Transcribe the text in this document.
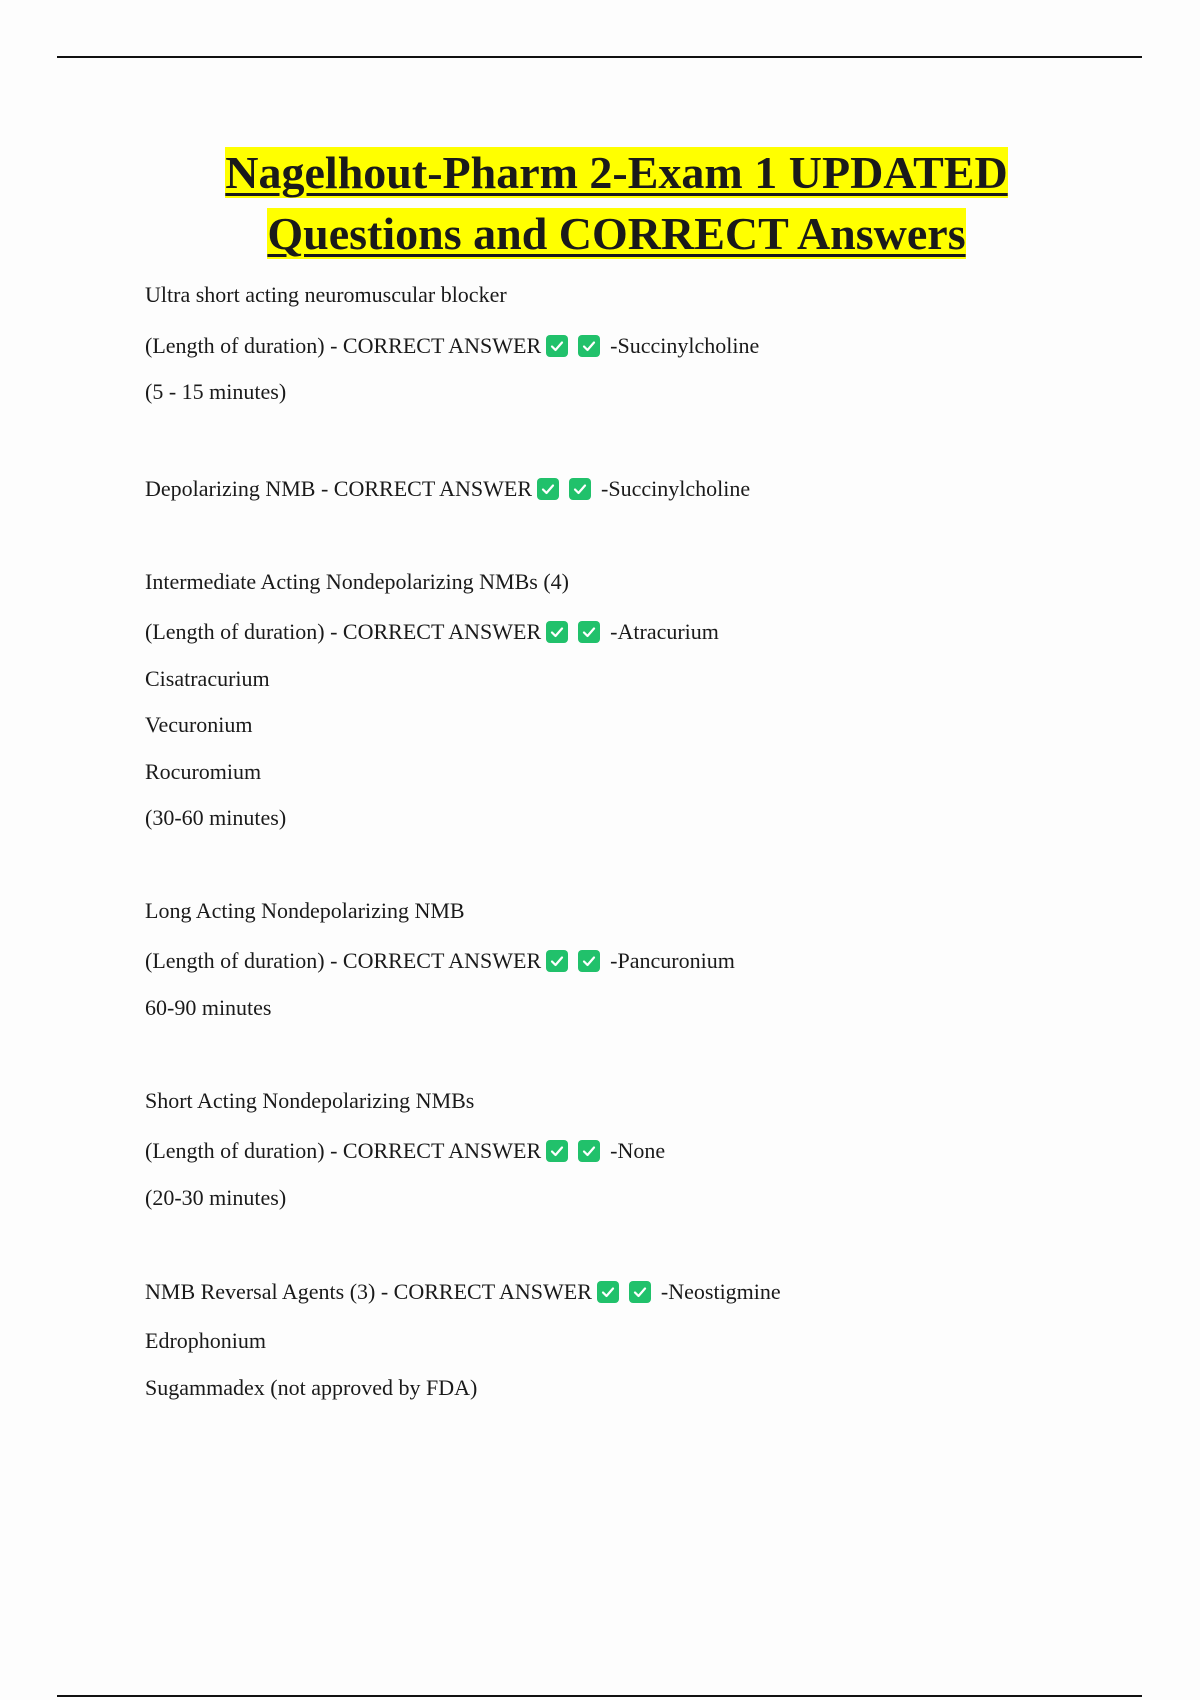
Nagelhout-Pharm 2-Exam 1 UPDATED
Questions and CORRECT Answers
Ultra short acting neuromuscular blocker
(Length of duration) - CORRECT ANSWER	-Succinylcholine
(5 - 15 minutes)
Depolarizing NMB - CORRECT ANSWER	-Succinylcholine
Intermediate Acting Nondepolarizing NMBs (4)
(Length of duration) - CORRECT ANSWER	-Atracurium
Cisatracurium
Vecuronium
Rocuromium
(30-60 minutes)
Long Acting Nondepolarizing NMB
(Length of duration) - CORRECT ANSWER	-Pancuronium
60-90 minutes
Short Acting Nondepolarizing NMBs
(Length of duration) - CORRECT ANSWER	-None
(20-30 minutes)
NMB Reversal Agents (3) - CORRECT ANSWER	-Neostigmine
Edrophonium
Sugammadex (not approved by FDA)
